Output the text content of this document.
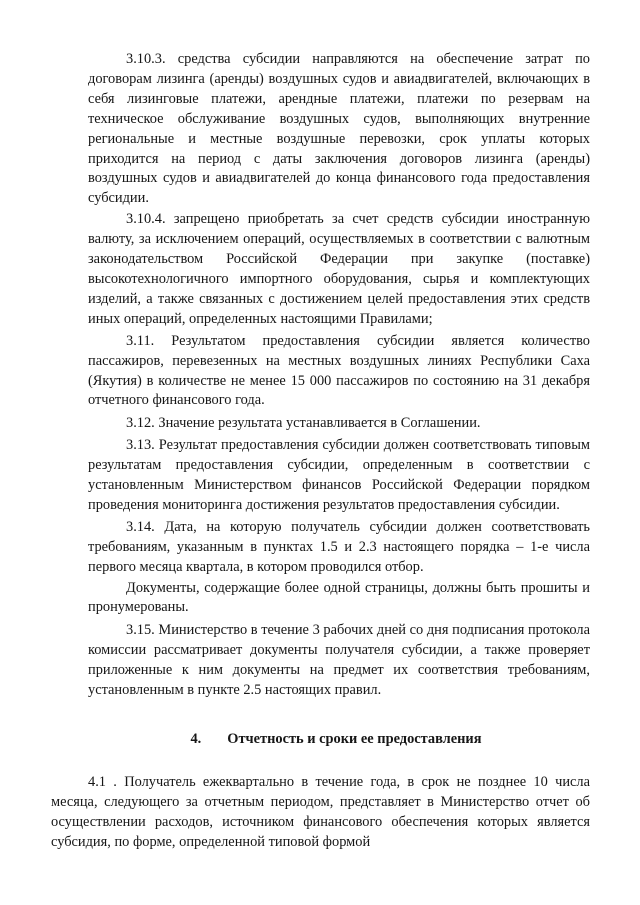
3.10.3. средства субсидии направляются на обеспечение затрат по договорам лизинга (аренды) воздушных судов и авиадвигателей, включающих в себя лизинговые платежи, арендные платежи, платежи по резервам на техническое обслуживание воздушных судов, выполняющих внутренние региональные и местные воздушные перевозки, срок уплаты которых приходится на период с даты заключения договоров лизинга (аренды) воздушных судов и авиадвигателей до конца финансового года предоставления субсидии.

3.10.4. запрещено приобретать за счет средств субсидии иностранную валюту, за исключением операций, осуществляемых в соответствии с валютным законодательством Российской Федерации при закупке (поставке) высокотехнологичного импортного оборудования, сырья и комплектующих изделий, а также связанных с достижением целей предоставления этих средств иных операций, определенных настоящими Правилами;

3.11. Результатом предоставления субсидии является количество пассажиров, перевезенных на местных воздушных линиях Республики Саха (Якутия) в количестве не менее 15 000 пассажиров по состоянию на 31 декабря отчетного финансового года.

3.12. Значение результата устанавливается в Соглашении.

3.13. Результат предоставления субсидии должен соответствовать типовым результатам предоставления субсидии, определенным в соответствии с установленным Министерством финансов Российской Федерации порядком проведения мониторинга достижения результатов предоставления субсидии.

3.14. Дата, на которую получатель субсидии должен соответствовать требованиям, указанным в пунктах 1.5 и 2.3 настоящего порядка – 1-е числа первого месяца квартала, в котором проводился отбор.

Документы, содержащие более одной страницы, должны быть прошиты и пронумерованы.

3.15. Министерство в течение 3 рабочих дней со дня подписания протокола комиссии рассматривает документы получателя субсидии, а также проверяет приложенные к ним документы на предмет их соответствия требованиям, установленным в пункте 2.5 настоящих правил.

4. Отчетность и сроки ее предоставления

4.1 . Получатель ежеквартально в течение года, в срок не позднее 10 числа месяца, следующего за отчетным периодом, представляет в Министерство отчет об осуществлении расходов, источником финансового обеспечения которых является субсидия, по форме, определенной типовой формой
